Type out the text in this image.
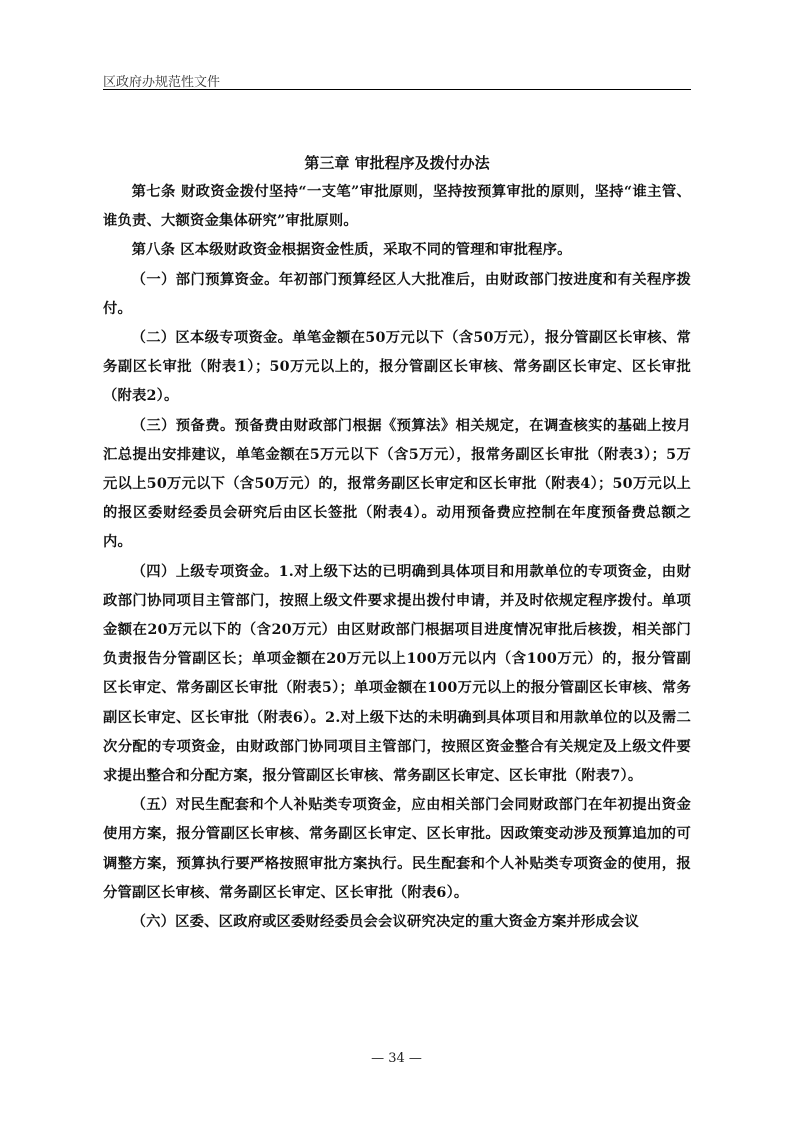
区政府办规范性文件
第三章 审批程序及拨付办法

第七条 财政资金拨付坚持“一支笔”审批原则，坚持按预算审批的原则，坚持“谁主管、谁负责、大额资金集体研究”审批原则。

第八条 区本级财政资金根据资金性质，采取不同的管理和审批程序。

（一）部门预算资金。年初部门预算经区人大批准后，由财政部门按进度和有关程序拨付。

（二）区本级专项资金。单笔金额在50万元以下（含50万元），报分管副区长审核、常务副区长审批（附表1）；50万元以上的，报分管副区长审核、常务副区长审定、区长审批（附表2）。

（三）预备费。预备费由财政部门根据《预算法》相关规定，在调查核实的基础上按月汇总提出安排建议，单笔金额在5万元以下（含5万元），报常务副区长审批（附表3）；5万元以上50万元以下（含50万元）的，报常务副区长审定和区长审批（附表4）；50万元以上的报区委财经委员会研究后由区长签批（附表4）。动用预备费应控制在年度预备费总额之内。

（四）上级专项资金。1.对上级下达的已明确到具体项目和用款单位的专项资金，由财政部门协同项目主管部门，按照上级文件要求提出拨付申请，并及时依规定程序拨付。单项金额在20万元以下的（含20万元）由区财政部门根据项目进度情况审批后核拨，相关部门负责报告分管副区长；单项金额在20万元以上100万元以内（含100万元）的，报分管副区长审定、常务副区长审批（附表5）；单项金额在100万元以上的报分管副区长审核、常务副区长审定、区长审批（附表6）。2.对上级下达的未明确到具体项目和用款单位的以及需二次分配的专项资金，由财政部门协同项目主管部门，按照区资金整合有关规定及上级文件要求提出整合和分配方案，报分管副区长审核、常务副区长审定、区长审批（附表7）。

（五）对民生配套和个人补贴类专项资金，应由相关部门会同财政部门在年初提出资金使用方案，报分管副区长审核、常务副区长审定、区长审批。因政策变动涉及预算追加的可调整方案，预算执行要严格按照审批方案执行。民生配套和个人补贴类专项资金的使用，报分管副区长审核、常务副区长审定、区长审批（附表6）。

（六）区委、区政府或区委财经委员会会议研究决定的重大资金方案并形成会议

— 34 —
